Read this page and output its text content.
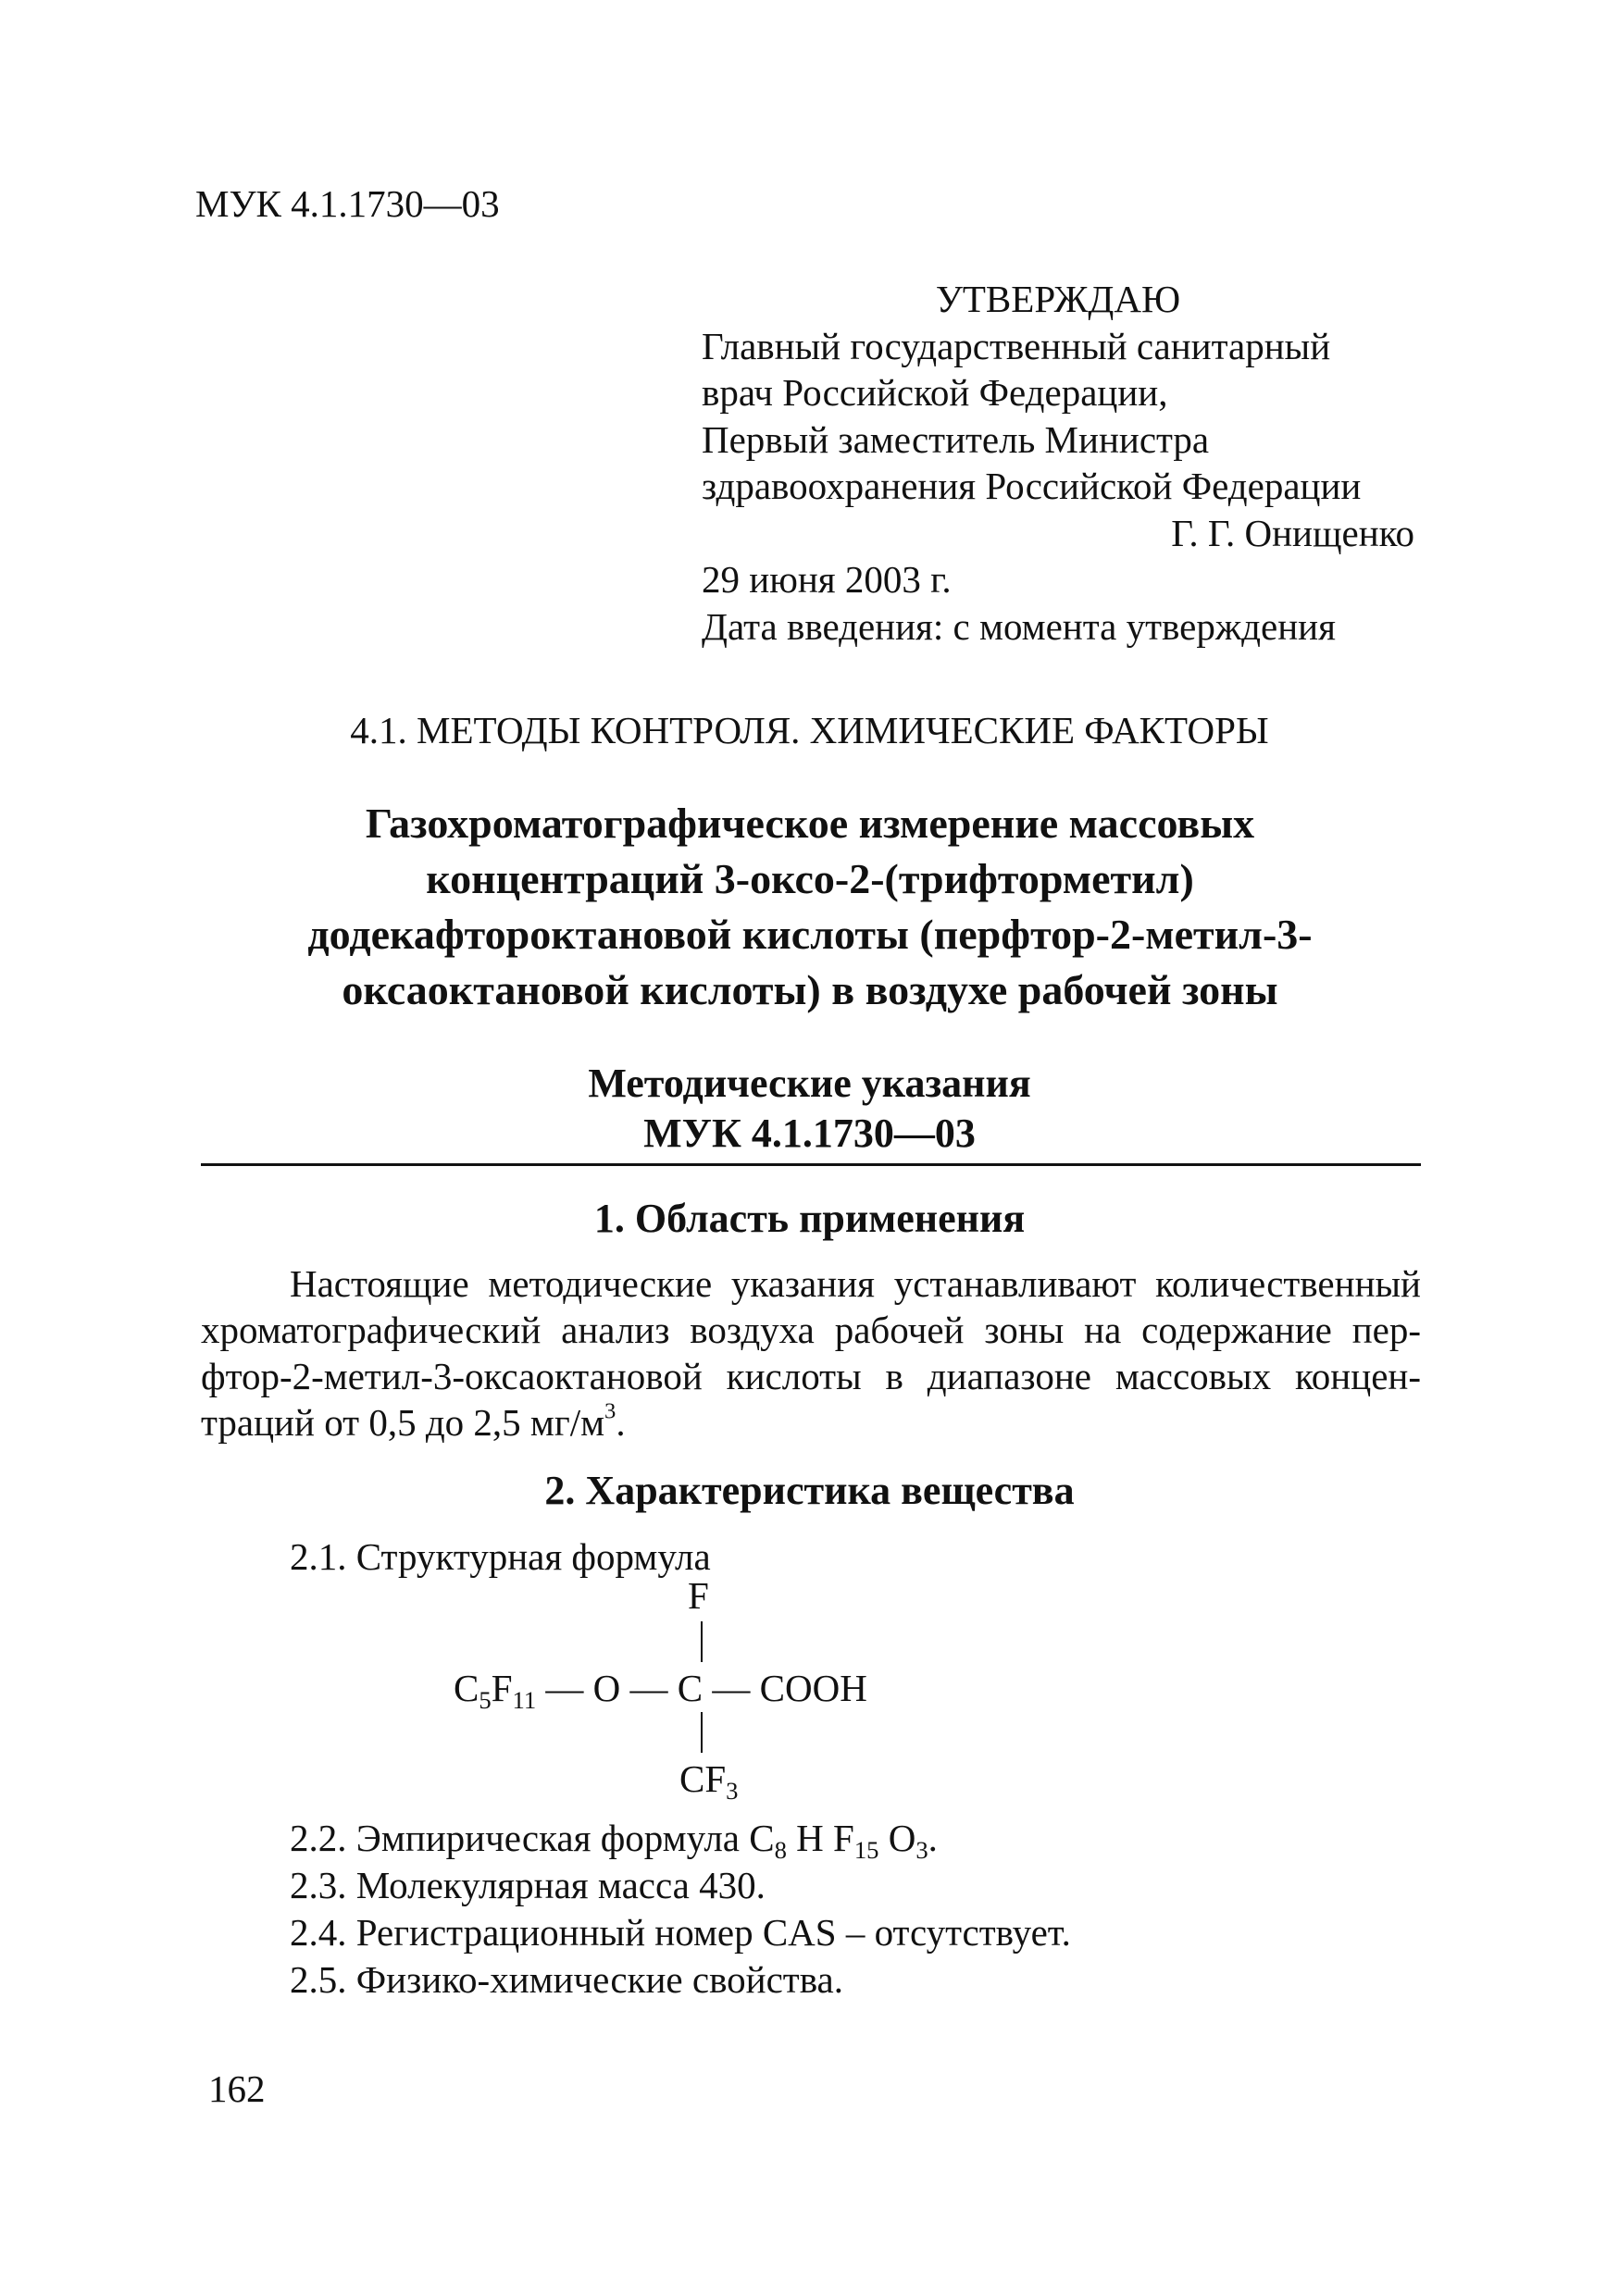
МУК 4.1.1730—03
УТВЕРЖДАЮ
Главный государственный санитарный
врач Российской Федерации,
Первый заместитель Министра
здравоохранения Российской Федерации
Г. Г. Онищенко
29 июня 2003 г.
Дата введения: с момента утверждения
4.1. МЕТОДЫ КОНТРОЛЯ. ХИМИЧЕСКИЕ ФАКТОРЫ
Газохроматографическое измерение массовых
концентраций 3-оксо-2-(трифторметил)
додекафтороктановой кислоты (перфтор-2-метил-3-
оксаоктановой кислоты) в воздухе рабочей зоны
Методические указания
МУК 4.1.1730—03
1. Область применения
Настоящие методические указания устанавливают количественный хроматографический анализ воздуха рабочей зоны на содержание пер-фтор-2-метил-3-оксаоктановой кислоты в диапазоне массовых концен-траций от 0,5 до 2,5 $мг/м^3$.
2. Характеристика вещества
2.1. Структурная формула
F
$C_5F_{11}$ — O — C — COOH
$CF_3$
2.2. Эмпирическая формула $C_8$ H $F_{15}$ $O_3$.
2.3. Молекулярная масса 430.
2.4. Регистрационный номер CAS – отсутствует.
2.5. Физико-химические свойства.
162
